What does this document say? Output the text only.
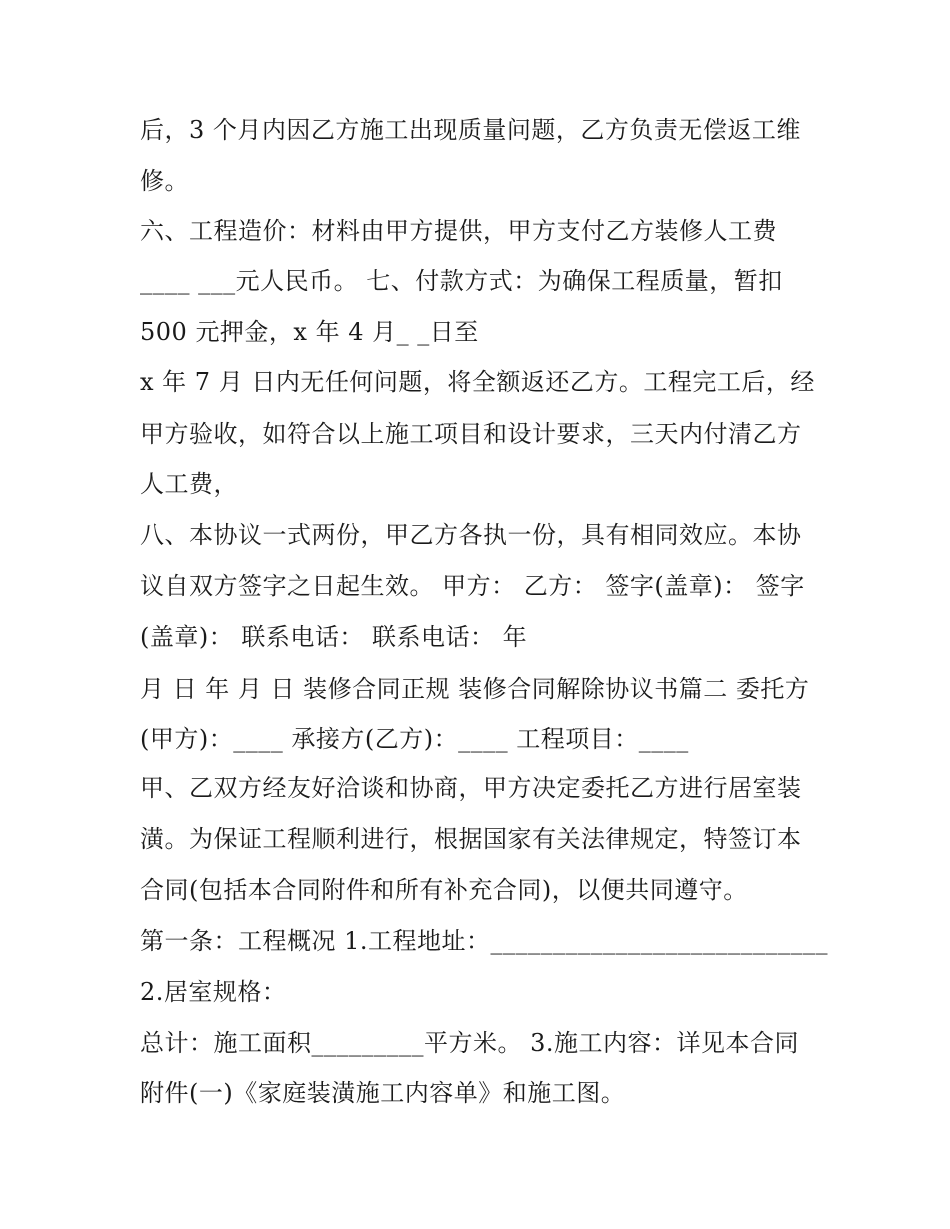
后，3 个月内因乙方施工出现质量问题，乙方负责无偿返工维
修。
六、工程造价：材料由甲方提供，甲方支付乙方装修人工费
____ ___元人民币。 七、付款方式：为确保工程质量，暂扣
500 元押金，x 年 4 月_ _日至
x 年 7 月 日内无任何问题，将全额返还乙方。工程完工后，经
甲方验收，如符合以上施工项目和设计要求，三天内付清乙方
人工费，
八、本协议一式两份，甲乙方各执一份，具有相同效应。本协
议自双方签字之日起生效。 甲方： 乙方： 签字(盖章)： 签字
(盖章)： 联系电话： 联系电话： 年
月 日 年 月 日 装修合同正规 装修合同解除协议书篇二 委托方
(甲方)：____ 承接方(乙方)：____ 工程项目：____
甲、乙双方经友好洽谈和协商，甲方决定委托乙方进行居室装
潢。为保证工程顺利进行，根据国家有关法律规定，特签订本
合同(包括本合同附件和所有补充合同)，以便共同遵守。
第一条：工程概况 1.工程地址：___________________________
2.居室规格：
总计：施工面积_________平方米。 3.施工内容：详见本合同
附件(一)《家庭装潢施工内容单》和施工图。
